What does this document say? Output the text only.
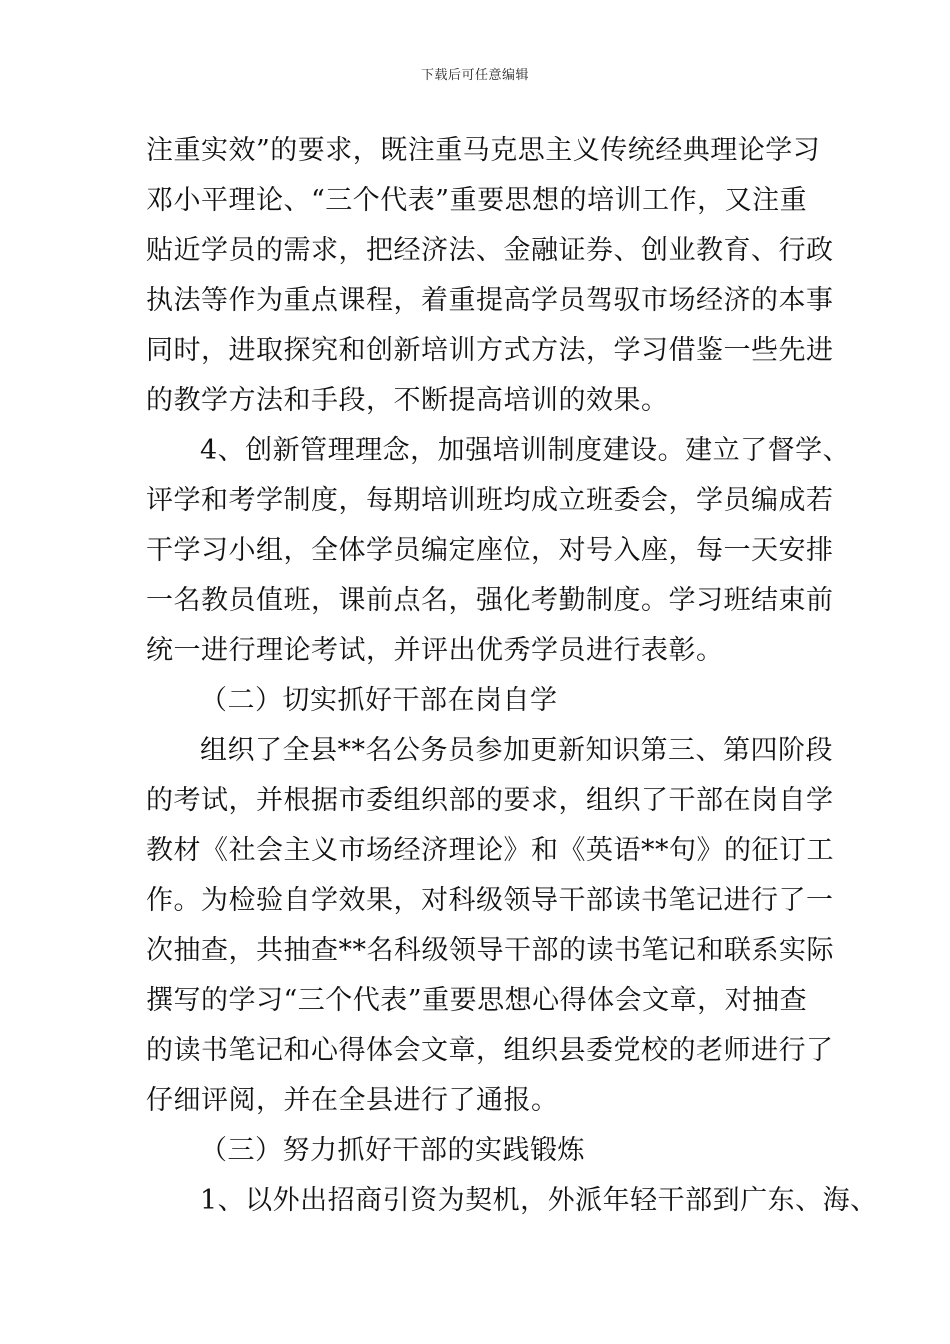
下载后可任意编辑
注重实效”的要求，既注重马克思主义传统经典理论学习
邓小平理论、“三个代表”重要思想的培训工作，又注重
贴近学员的需求，把经济法、金融证券、创业教育、行政
执法等作为重点课程，着重提高学员驾驭市场经济的本事
同时，进取探究和创新培训方式方法，学习借鉴一些先进
的教学方法和手段，不断提高培训的效果。
4、创新管理理念，加强培训制度建设。建立了督学、
评学和考学制度，每期培训班均成立班委会，学员编成若
干学习小组，全体学员编定座位，对号入座，每一天安排
一名教员值班，课前点名，强化考勤制度。学习班结束前
统一进行理论考试，并评出优秀学员进行表彰。
（二）切实抓好干部在岗自学
组织了全县**名公务员参加更新知识第三、第四阶段
的考试，并根据市委组织部的要求，组织了干部在岗自学
教材《社会主义市场经济理论》和《英语**句》的征订工
作。为检验自学效果，对科级领导干部读书笔记进行了一
次抽查，共抽查**名科级领导干部的读书笔记和联系实际
撰写的学习“三个代表”重要思想心得体会文章，对抽查
的读书笔记和心得体会文章，组织县委党校的老师进行了
仔细评阅，并在全县进行了通报。
（三）努力抓好干部的实践锻炼
1、以外出招商引资为契机，外派年轻干部到广东、海、
